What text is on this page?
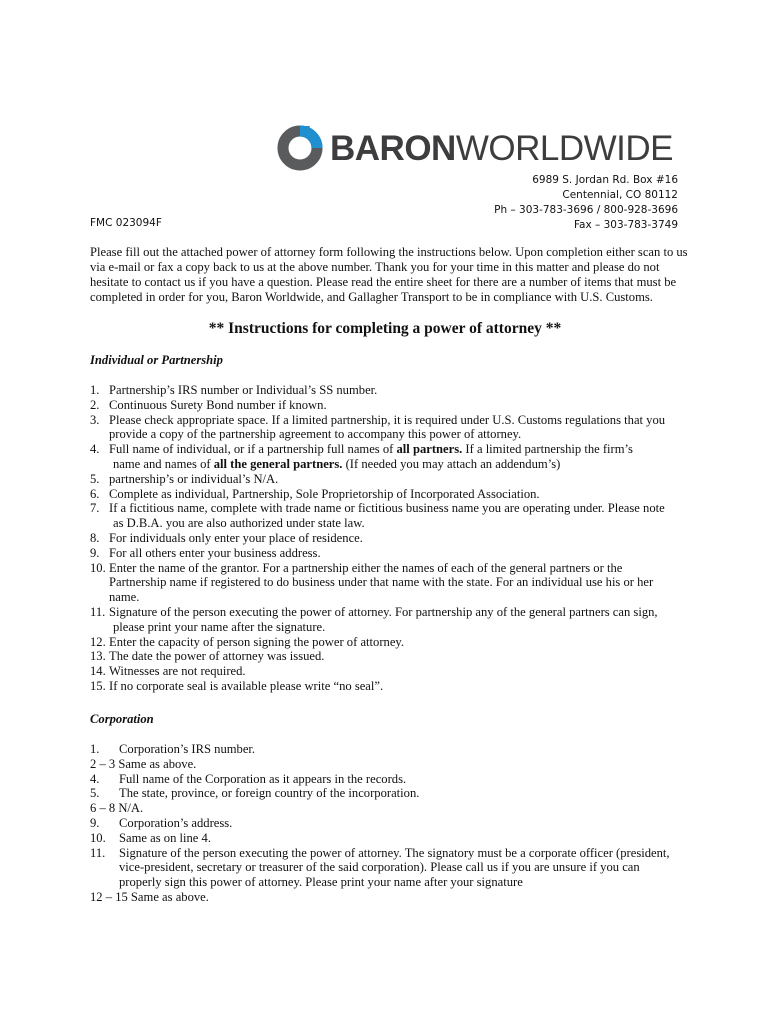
BARONWORLDWIDE
6989 S. Jordan Rd. Box #16
Centennial, CO 80112
Ph – 303-783-3696 / 800-928-3696
Fax – 303-783-3749
FMC 023094F
Please fill out the attached power of attorney form following the instructions below. Upon completion either scan to us via e-mail or fax a copy back to us at the above number. Thank you for your time in this matter and please do not hesitate to contact us if you have a question. Please read the entire sheet for there are a number of items that must be completed in order for you, Baron Worldwide, and Gallagher Transport to be in compliance with U.S. Customs.
** Instructions for completing a power of attorney **
Individual or Partnership
1. Partnership’s IRS number or Individual’s SS number.
2. Continuous Surety Bond number if known.
3. Please check appropriate space. If a limited partnership, it is required under U.S. Customs regulations that you
provide a copy of the partnership agreement to accompany this power of attorney.
4. Full name of individual, or if a partnership full names of all partners. If a limited partnership the firm’s
name and names of all the general partners. (If needed you may attach an addendum’s)
5. partnership’s or individual’s N/A.
6. Complete as individual, Partnership, Sole Proprietorship of Incorporated Association.
7. If a fictitious name, complete with trade name or fictitious business name you are operating under. Please note
as D.B.A. you are also authorized under state law.
8. For individuals only enter your place of residence.
9. For all others enter your business address.
10. Enter the name of the grantor. For a partnership either the names of each of the general partners or the
Partnership name if registered to do business under that name with the state. For an individual use his or her
name.
11. Signature of the person executing the power of attorney. For partnership any of the general partners can sign,
please print your name after the signature.
12. Enter the capacity of person signing the power of attorney.
13. The date the power of attorney was issued.
14. Witnesses are not required.
15. If no corporate seal is available please write “no seal”.
Corporation
1.	Corporation’s IRS number.
2 – 3 Same as above.
4.	Full name of the Corporation as it appears in the records.
5.	The state, province, or foreign country of the incorporation.
6 – 8 N/A.
9.	Corporation’s address.
10.	Same as on line 4.
11.	Signature of the person executing the power of attorney. The signatory must be a corporate officer (president,
vice-president, secretary or treasurer of the said corporation). Please call us if you are unsure if you can
properly sign this power of attorney. Please print your name after your signature
12 – 15 Same as above.
